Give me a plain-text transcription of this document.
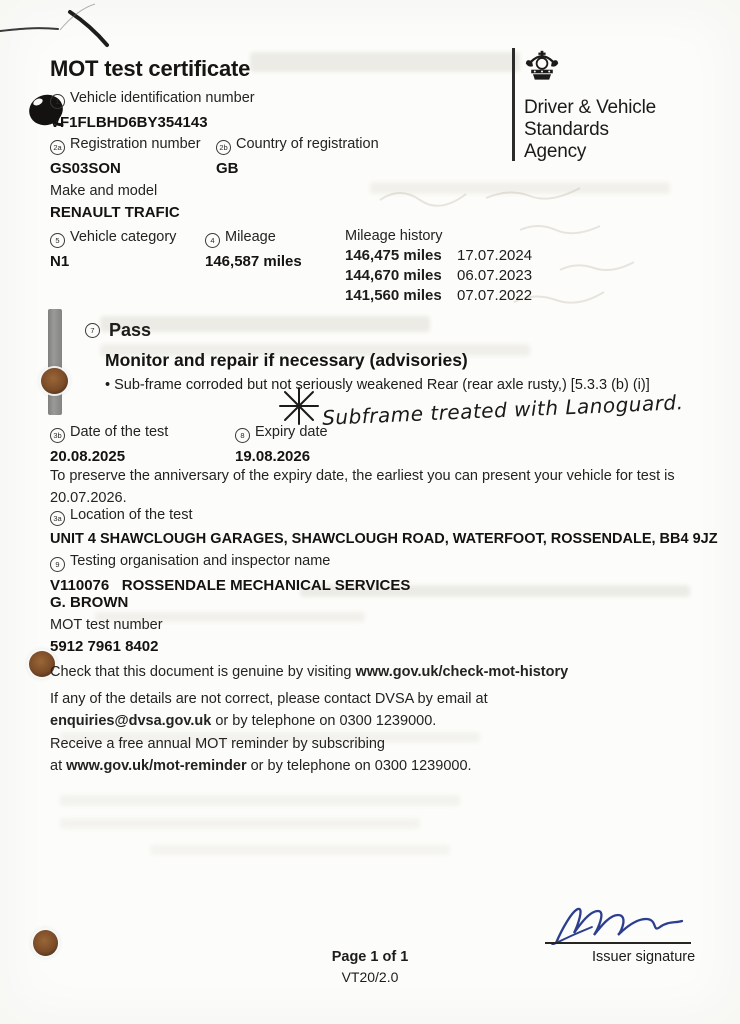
MOT test certificate
Driver & Vehicle
Standards
Agency
1 Vehicle identification number
VF1FLBHD6BY354143
2a Registration number
GS03SON
2b Country of registration
GB
Make and model
RENAULT TRAFIC
5 Vehicle category
N1
4 Mileage
146,587 miles
Mileage history
146,475 miles	17.07.2024
144,670 miles	06.07.2023
141,560 miles	07.07.2022
7 Pass
Monitor and repair if necessary (advisories)
• Sub-frame corroded but not seriously weakened Rear (rear axle rusty,) [5.3.3 (b) (i)]
Subframe treated with Lanoguard.
3b Date of the test
20.08.2025
8 Expiry date
19.08.2026
To preserve the anniversary of the expiry date, the earliest you can present your vehicle for test is 20.07.2026.
3a Location of the test
UNIT 4 SHAWCLOUGH GARAGES, SHAWCLOUGH ROAD, WATERFOOT, ROSSENDALE, BB4 9JZ
9 Testing organisation and inspector name
V110076   ROSSENDALE MECHANICAL SERVICES
G. BROWN
MOT test number
5912 7961 8402
Check that this document is genuine by visiting www.gov.uk/check-mot-history
If any of the details are not correct, please contact DVSA by email at
enquiries@dvsa.gov.uk or by telephone on 0300 1239000.
Receive a free annual MOT reminder by subscribing
at www.gov.uk/mot-reminder or by telephone on 0300 1239000.
Issuer signature
Page 1 of 1
VT20/2.0
